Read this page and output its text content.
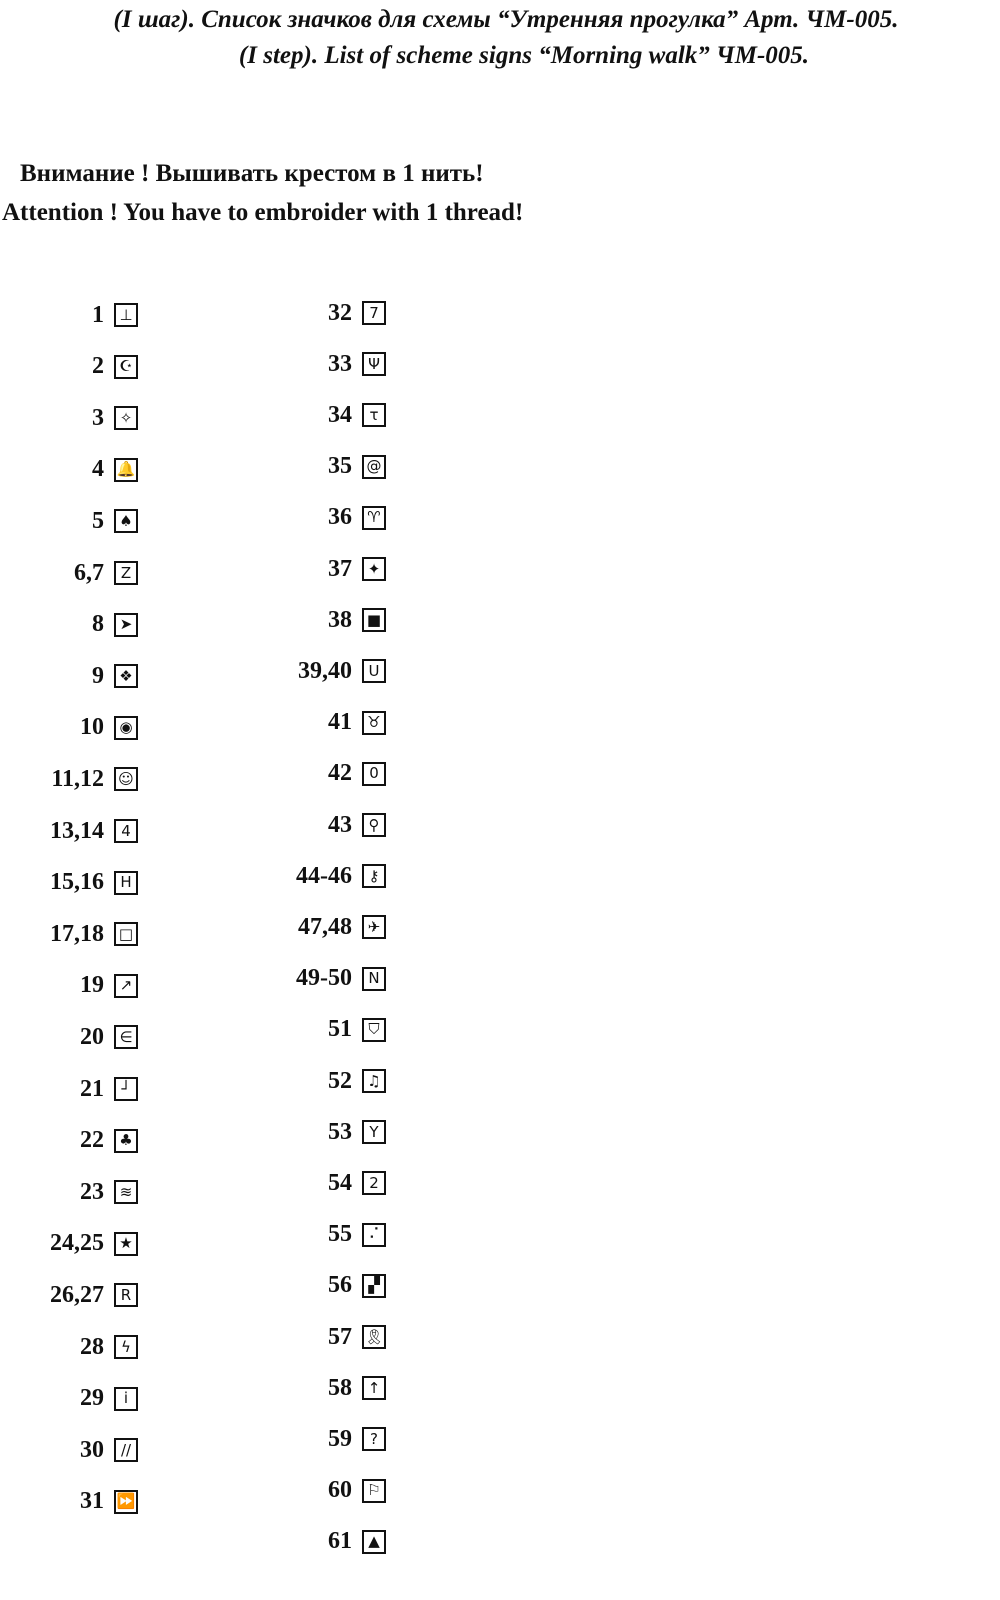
(I шаг). Список значков для схемы “Утренняя прогулка” Арт. ЧМ-005.
(I step). List of scheme signs “Morning walk” ЧМ-005.
Внимание ! Вышивать крестом в 1 нить!
Attention ! You have to embroider with 1 thread!
1	⊥
2	☪
3	✧
4 🔔
5	♠
6,7	Z
8	➤
9	❖
10	◉
11,12 ☺
13,14	4
15,16	H
17,18 □
19	↗
20	∈
21	┘
22	♣
23	≋
24,25	★
26,27	R
28	ϟ
29	i
30	//
31 ⏩
32	7
33	Ψ
34	τ
35 @
36	♈
37	✦
38 ■
39,40	U
41	♉
42	0
43	⚲
44-46	⚷
47,48	✈
49-50	N
51	⛉
52	♫
53	Y
54	2
55	⠌
56	▞
57 🎗
58	↑
59	?
60	⚐
61	▲
